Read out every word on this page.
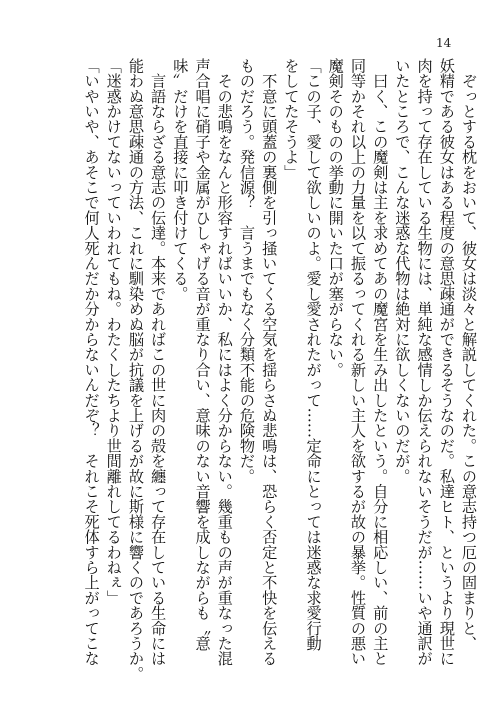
14

　ぞっとする枕をおいて、彼女は淡々と解説してくれた。この意志持つ厄の固まりと、

妖精である彼女はある程度の意思疎通ができるそうなのだ。私達ヒト、というより現世に

肉を持って存在している生物には、単純な感情しか伝えられないそうだが……いや通訳が

いたところで、こんな迷惑な代物は絶対に欲しくないのだが。

　曰く、この魔剣は主を求めてあの魔宮を生み出したという。自分に相応しい、前の主と

同等かそれ以上の力量を以て振るってくれる新しい主人を欲するが故の暴挙。性質の悪い

魔剣そのものの挙動に開いた口が塞がらない。

「この子、愛して欲しいのよ。愛し愛されたがって……定命にとっては迷惑な求愛行動

をしてたそうよ」

　不意に頭蓋の裏側を引っ掻いてくる空気を揺らさぬ悲鳴は、恐らく否定と不快を伝える

ものだろう。発信源？　言うまでもなく分類不能の危険物だ。

　その悲鳴をなんと形容すればいいか、私にはよく分からない。幾重もの声が重なった混

声合唱に硝子や金属がひしゃげる音が重なり合い、意味のない音響を成しながらも〝意

味〟だけを直接に叩き付けてくる。

　言語ならざる意志の伝達。本来であればこの世に肉の殻を纏って存在している生命には

能わぬ意思疎通の方法、これに馴染めぬ脳が抗議を上げるが故に斯様に響くのであろうか。

「迷惑かけてないっていわれてもね。わたくしたちより世間離れしてるわねぇ」

「いやいや、あそこで何人死んだか分からないんだぞ？　それこそ死体すら上がってこな
